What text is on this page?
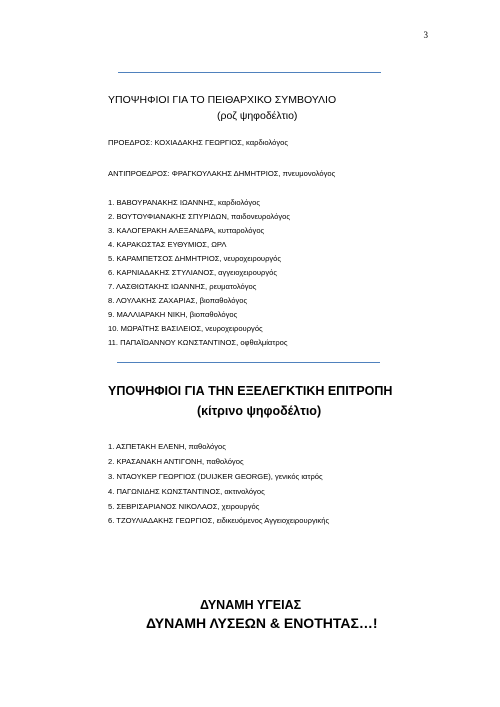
3
ΥΠΟΨΗΦΙΟΙ ΓΙΑ ΤΟ ΠΕΙΘΑΡΧΙΚΟ ΣΥΜΒΟΥΛΙΟ
(ροζ ψηφοδέλτιο)
ΠΡΟΕΔΡΟΣ: ΚΟΧΙΑΔΑΚΗΣ ΓΕΩΡΓΙΟΣ, καρδιολόγος
ΑΝΤΙΠΡΟΕΔΡΟΣ: ΦΡΑΓΚΟΥΛΑΚΗΣ ΔΗΜΗΤΡΙΟΣ, πνευμονολόγος
1. ΒΑΒΟΥΡΑΝΑΚΗΣ ΙΩΑΝΝΗΣ, καρδιολόγος
2. ΒΟΥΤΟΥΦΙΑΝΑΚΗΣ ΣΠΥΡΙΔΩΝ, παιδονευρολόγος
3. ΚΑΛΟΓΕΡΑΚΗ ΑΛΕΞΑΝΔΡΑ, κυτταρολόγος
4. ΚΑΡΑΚΩΣΤΑΣ ΕΥΘΥΜΙΟΣ, ΩΡΛ
5. ΚΑΡΑΜΠΕΤΣΟΣ ΔΗΜΗΤΡΙΟΣ, νευροχειρουργός
6. ΚΑΡΝΙΑΔΑΚΗΣ ΣΤΥΛΙΑΝΟΣ, αγγειοχειρουργός
7. ΛΑΣΘΙΩΤΑΚΗΣ ΙΩΑΝΝΗΣ, ρευματολόγος
8. ΛΟΥΛΑΚΗΣ ΖΑΧΑΡΙΑΣ, βιοπαθολόγος
9. ΜΑΛΛΙΑΡΑΚΗ ΝΙΚΗ, βιοπαθολόγος
10. ΜΩΡΑΪΤΗΣ ΒΑΣΙΛΕΙΟΣ, νευροχειρουργός
11. ΠΑΠΑΪΩΑΝΝΟΥ ΚΩΝΣΤΑΝΤΙΝΟΣ, οφθαλμίατρος
ΥΠΟΨΗΦΙΟΙ ΓΙΑ ΤΗΝ ΕΞΕΛΕΓΚΤΙΚΗ ΕΠΙΤΡΟΠΗ
(κίτρινο ψηφοδέλτιο)
1. ΑΣΠΕΤΑΚΗ ΕΛΕΝΗ, παθολόγος
2. ΚΡΑΣΑΝΑΚΗ ΑΝΤΙΓΟΝΗ, παθολόγος
3. ΝΤΑΟΥΚΕΡ ΓΕΩΡΓΙΟΣ (DUIJKER GEORGE), γενικός ιατρός
4. ΠΑΓΩΝΙΔΗΣ ΚΩΝΣΤΑΝΤΙΝΟΣ, ακτινολόγος
5. ΣΕΒΡΙΣΑΡΙΑΝΟΣ ΝΙΚΟΛΑΟΣ, χειρουργός
6. ΤΖΟΥΛΙΑΔΑΚΗΣ ΓΕΩΡΓΙΟΣ, ειδικευόμενος Αγγειοχειρουργικής
ΔΥΝΑΜΗ ΥΓΕΙΑΣ
ΔΥΝΑΜΗ ΛΥΣΕΩΝ & ΕΝΟΤΗΤΑΣ…!
